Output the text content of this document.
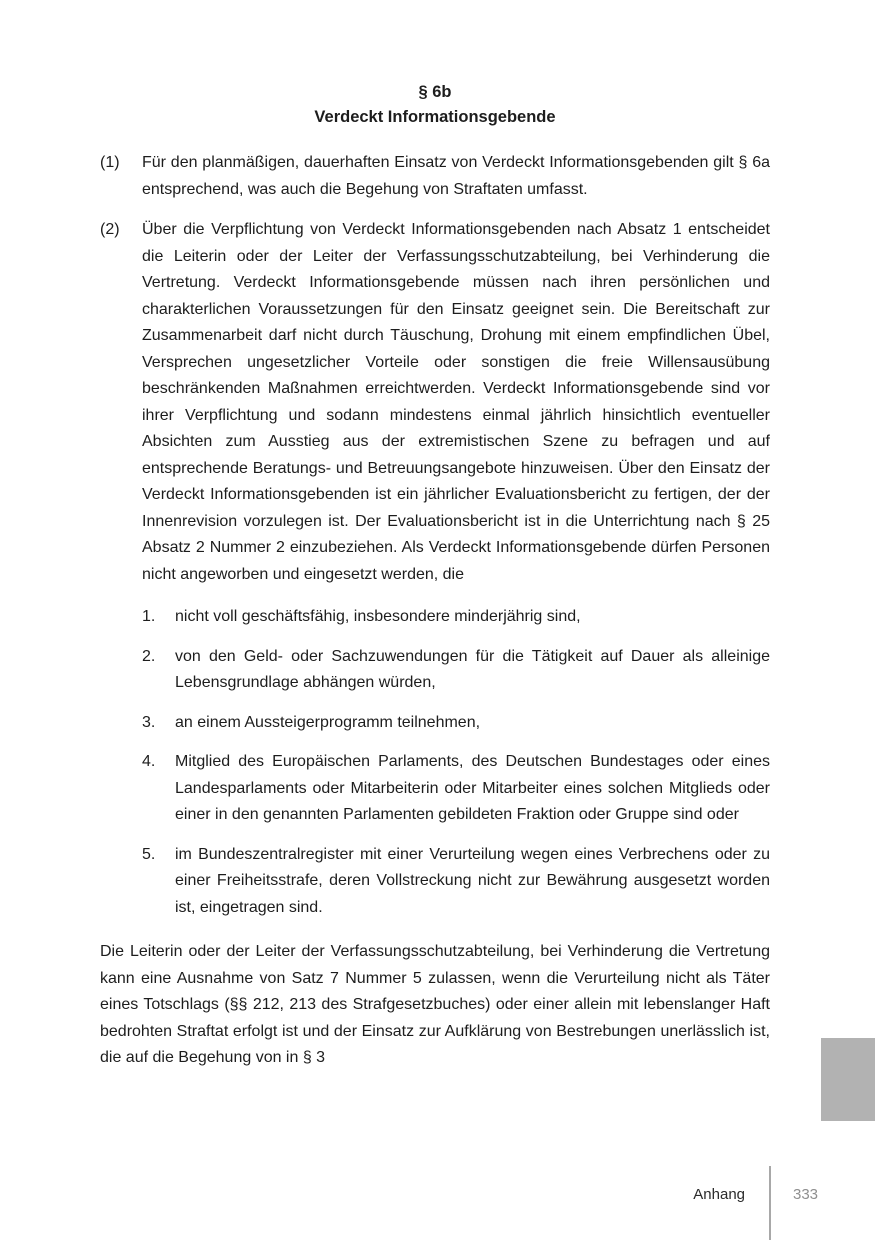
§ 6b
Verdeckt Informationsgebende
(1)	Für den planmäßigen, dauerhaften Einsatz von Verdeckt Informationsgebenden gilt § 6a entsprechend, was auch die Begehung von Straftaten umfasst.
(2)	Über die Verpflichtung von Verdeckt Informationsgebenden nach Absatz 1 entscheidet die Leiterin oder der Leiter der Verfassungsschutzabteilung, bei Verhinderung die Vertretung. Verdeckt Informationsgebende müssen nach ihren persönlichen und charakterlichen Voraussetzungen für den Einsatz geeignet sein. Die Bereitschaft zur Zusammenarbeit darf nicht durch Täuschung, Drohung mit einem empfindlichen Übel, Versprechen ungesetzlicher Vorteile oder sonstigen die freie Willensausübung beschränkenden Maßnahmen erreichtwerden. Verdeckt Informationsgebende sind vor ihrer Verpflichtung und sodann mindestens einmal jährlich hinsichtlich eventueller Absichten zum Ausstieg aus der extremistischen Szene zu befragen und auf entsprechende Beratungs- und Betreuungsangebote hinzuweisen. Über den Einsatz der Verdeckt Informationsgebenden ist ein jährlicher Evaluationsbericht zu fertigen, der der Innenrevision vorzulegen ist. Der Evaluationsbericht ist in die Unterrichtung nach § 25 Absatz 2 Nummer 2 einzubeziehen. Als Verdeckt Informationsgebende dürfen Personen nicht angeworben und eingesetzt werden, die
1.	nicht voll geschäftsfähig, insbesondere minderjährig sind,
2.	von den Geld- oder Sachzuwendungen für die Tätigkeit auf Dauer als alleinige Lebensgrundlage abhängen würden,
3.	an einem Aussteigerprogramm teilnehmen,
4.	Mitglied des Europäischen Parlaments, des Deutschen Bundestages oder eines Landesparlaments oder Mitarbeiterin oder Mitarbeiter eines solchen Mitglieds oder einer in den genannten Parlamenten gebildeten Fraktion oder Gruppe sind oder
5.	im Bundeszentralregister mit einer Verurteilung wegen eines Verbrechens oder zu einer Freiheitsstrafe, deren Vollstreckung nicht zur Bewährung ausgesetzt worden ist, eingetragen sind.
Die Leiterin oder der Leiter der Verfassungsschutzabteilung, bei Verhinderung die Vertretung kann eine Ausnahme von Satz 7 Nummer 5 zulassen, wenn die Verurteilung nicht als Täter eines Totschlags (§§ 212, 213 des Strafgesetzbuches) oder einer allein mit lebenslanger Haft bedrohten Straftat erfolgt ist und der Einsatz zur Aufklärung von Bestrebungen unerlässlich ist, die auf die Begehung von in § 3
Anhang	333
